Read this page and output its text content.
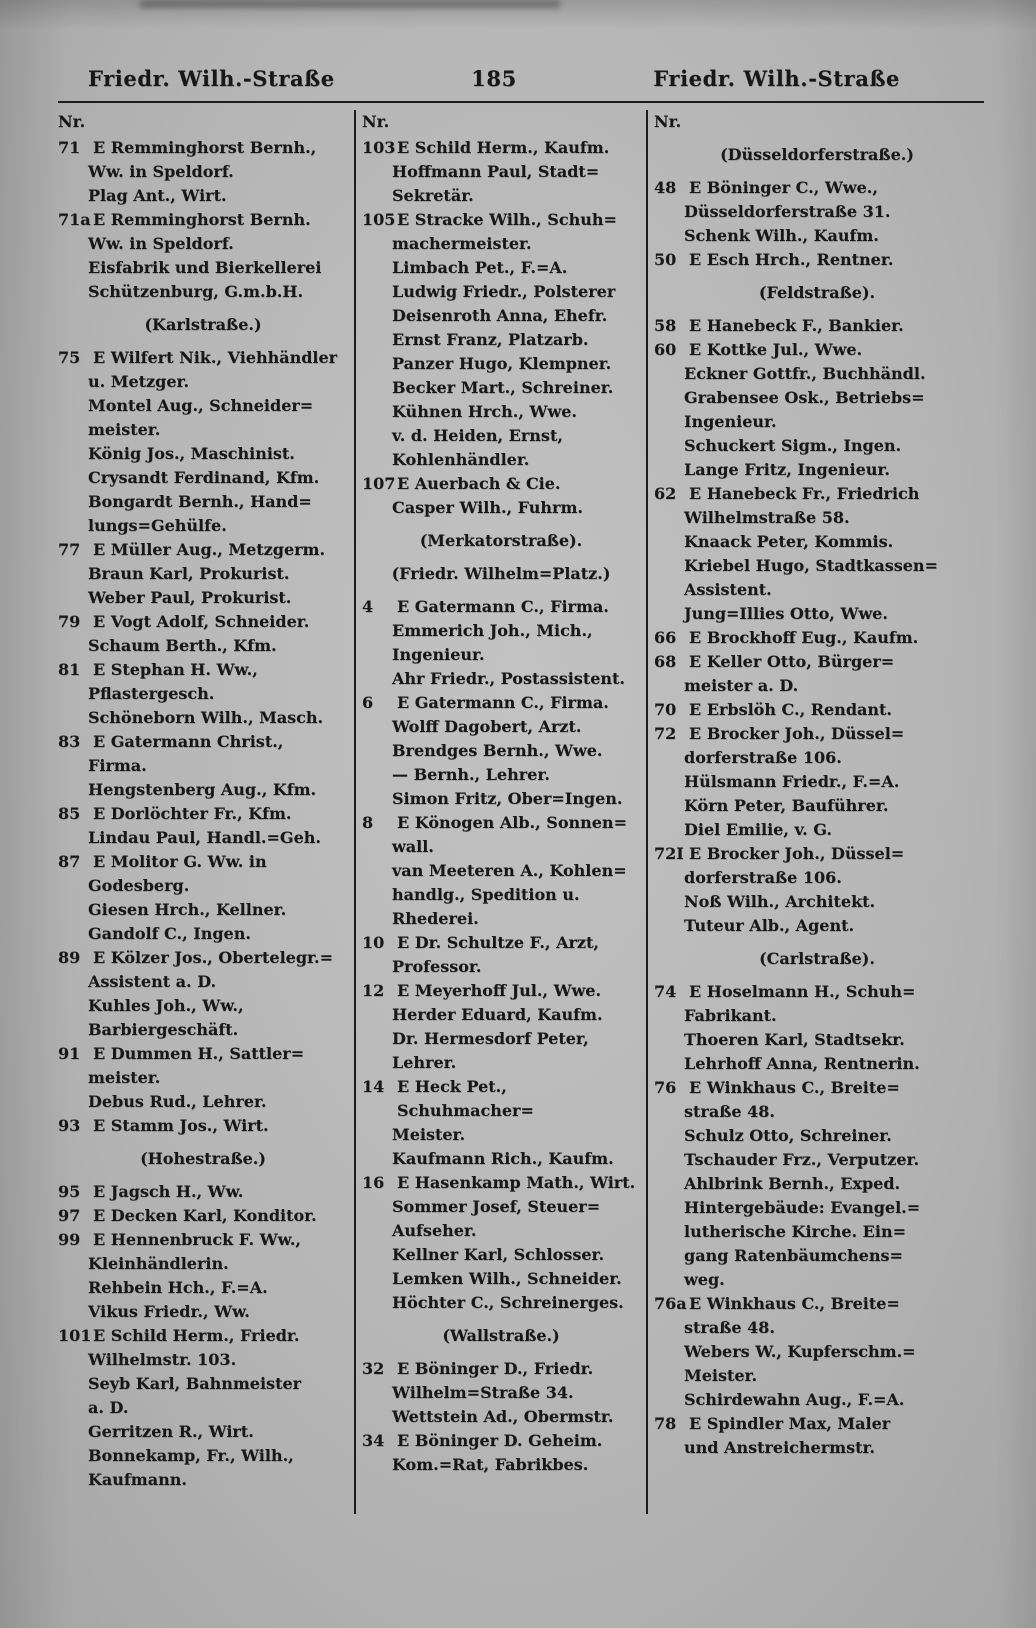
Friedr. Wilh.-Straße	185	Friedr. Wilh.-Straße
Nr.
71 E Remminghorst Bernh.,
Ww. in Speldorf.
Plag Ant., Wirt.
71a E Remminghorst Bernh.
Ww. in Speldorf.
Eisfabrik und Bierkellerei
Schützenburg, G.m.b.H.
(Karlstraße.)
75 E Wilfert Nik., Viehhändler
u. Metzger.
Montel Aug., Schneider=
meister.
König Jos., Maschinist.
Crysandt Ferdinand, Kfm.
Bongardt Bernh., Hand=
lungs=Gehülfe.
77 E Müller Aug., Metzgerm.
Braun Karl, Prokurist.
Weber Paul, Prokurist.
79 E Vogt Adolf, Schneider.
Schaum Berth., Kfm.
81 E Stephan H. Ww.,
Pflastergesch.
Schöneborn Wilh., Masch.
83 E Gatermann Christ.,
Firma.
Hengstenberg Aug., Kfm.
85 E Dorlöchter Fr., Kfm.
Lindau Paul, Handl.=Geh.
87 E Molitor G. Ww. in
Godesberg.
Giesen Hrch., Kellner.
Gandolf C., Ingen.
89 E Kölzer Jos., Obertelegr.=
Assistent a. D.
Kuhles Joh., Ww.,
Barbiergeschäft.
91 E Dummen H., Sattler=
meister.
Debus Rud., Lehrer.
93 E Stamm Jos., Wirt.
(Hohestraße.)
95 E Jagsch H., Ww.
97 E Decken Karl, Konditor.
99 E Hennenbruck F. Ww.,
Kleinhändlerin.
Rehbein Hch., F.=A.
Vikus Friedr., Ww.
101E Schild Herm., Friedr.
Wilhelmstr. 103.
Seyb Karl, Bahnmeister
a. D.
Gerritzen R., Wirt.
Bonnekamp, Fr., Wilh.,
Kaufmann.
Nr.
103E Schild Herm., Kaufm.
Hoffmann Paul, Stadt=
Sekretär.
105E Stracke Wilh., Schuh=
machermeister.
Limbach Pet., F.=A.
Ludwig Friedr., Polsterer
Deisenroth Anna, Ehefr.
Ernst Franz, Platzarb.
Panzer Hugo, Klempner.
Becker Mart., Schreiner.
Kühnen Hrch., Wwe.
v. d. Heiden, Ernst,
Kohlenhändler.
107E Auerbach & Cie.
Casper Wilh., Fuhrm.
(Merkatorstraße).
(Friedr. Wilhelm=Platz.)
4 E Gatermann C., Firma.
Emmerich Joh., Mich.,
Ingenieur.
Ahr Friedr., Postassistent.
6 E Gatermann C., Firma.
Wolff Dagobert, Arzt.
Brendges Bernh., Wwe.
— Bernh., Lehrer.
Simon Fritz, Ober=Ingen.
8 E Könogen Alb., Sonnen=
wall.
van Meeteren A., Kohlen=
handlg., Spedition u.
Rhederei.
10 E Dr. Schultze F., Arzt,
Professor.
12 E Meyerhoff Jul., Wwe.
Herder Eduard, Kaufm.
Dr. Hermesdorf Peter,
Lehrer.
14 E Heck Pet., Schuhmacher=
Meister.
Kaufmann Rich., Kaufm.
16 E Hasenkamp Math., Wirt.
Sommer Josef, Steuer=
Aufseher.
Kellner Karl, Schlosser.
Lemken Wilh., Schneider.
Höchter C., Schreinerges.
(Wallstraße.)
32 E Böninger D., Friedr.
Wilhelm=Straße 34.
Wettstein Ad., Obermstr.
34 E Böninger D. Geheim.
Kom.=Rat, Fabrikbes.
Nr.
(Düsseldorferstraße.)
48 E Böninger C., Wwe.,
Düsseldorferstraße 31.
Schenk Wilh., Kaufm.
50 E Esch Hrch., Rentner.
(Feldstraße).
58 E Hanebeck F., Bankier.
60 E Kottke Jul., Wwe.
Eckner Gottfr., Buchhändl.
Grabensee Osk., Betriebs=
Ingenieur.
Schuckert Sigm., Ingen.
Lange Fritz, Ingenieur.
62 E Hanebeck Fr., Friedrich
Wilhelmstraße 58.
Knaack Peter, Kommis.
Kriebel Hugo, Stadtkassen=
Assistent.
Jung=Illies Otto, Wwe.
66 E Brockhoff Eug., Kaufm.
68 E Keller Otto, Bürger=
meister a. D.
70 E Erbslöh C., Rendant.
72 E Brocker Joh., Düssel=
dorferstraße 106.
Hülsmann Friedr., F.=A.
Körn Peter, Bauführer.
Diel Emilie, v. G.
72I E Brocker Joh., Düssel=
dorferstraße 106.
Noß Wilh., Architekt.
Tuteur Alb., Agent.
(Carlstraße).
74 E Hoselmann H., Schuh=
Fabrikant.
Thoeren Karl, Stadtsekr.
Lehrhoff Anna, Rentnerin.
76 E Winkhaus C., Breite=
straße 48.
Schulz Otto, Schreiner.
Tschauder Frz., Verputzer.
Ahlbrink Bernh., Exped.
Hintergebäude: Evangel.=
lutherische Kirche. Ein=
gang Ratenbäumchens=
weg.
76a E Winkhaus C., Breite=
straße 48.
Webers W., Kupferschm.=
Meister.
Schirdewahn Aug., F.=A.
78 E Spindler Max, Maler
und Anstreichermstr.
